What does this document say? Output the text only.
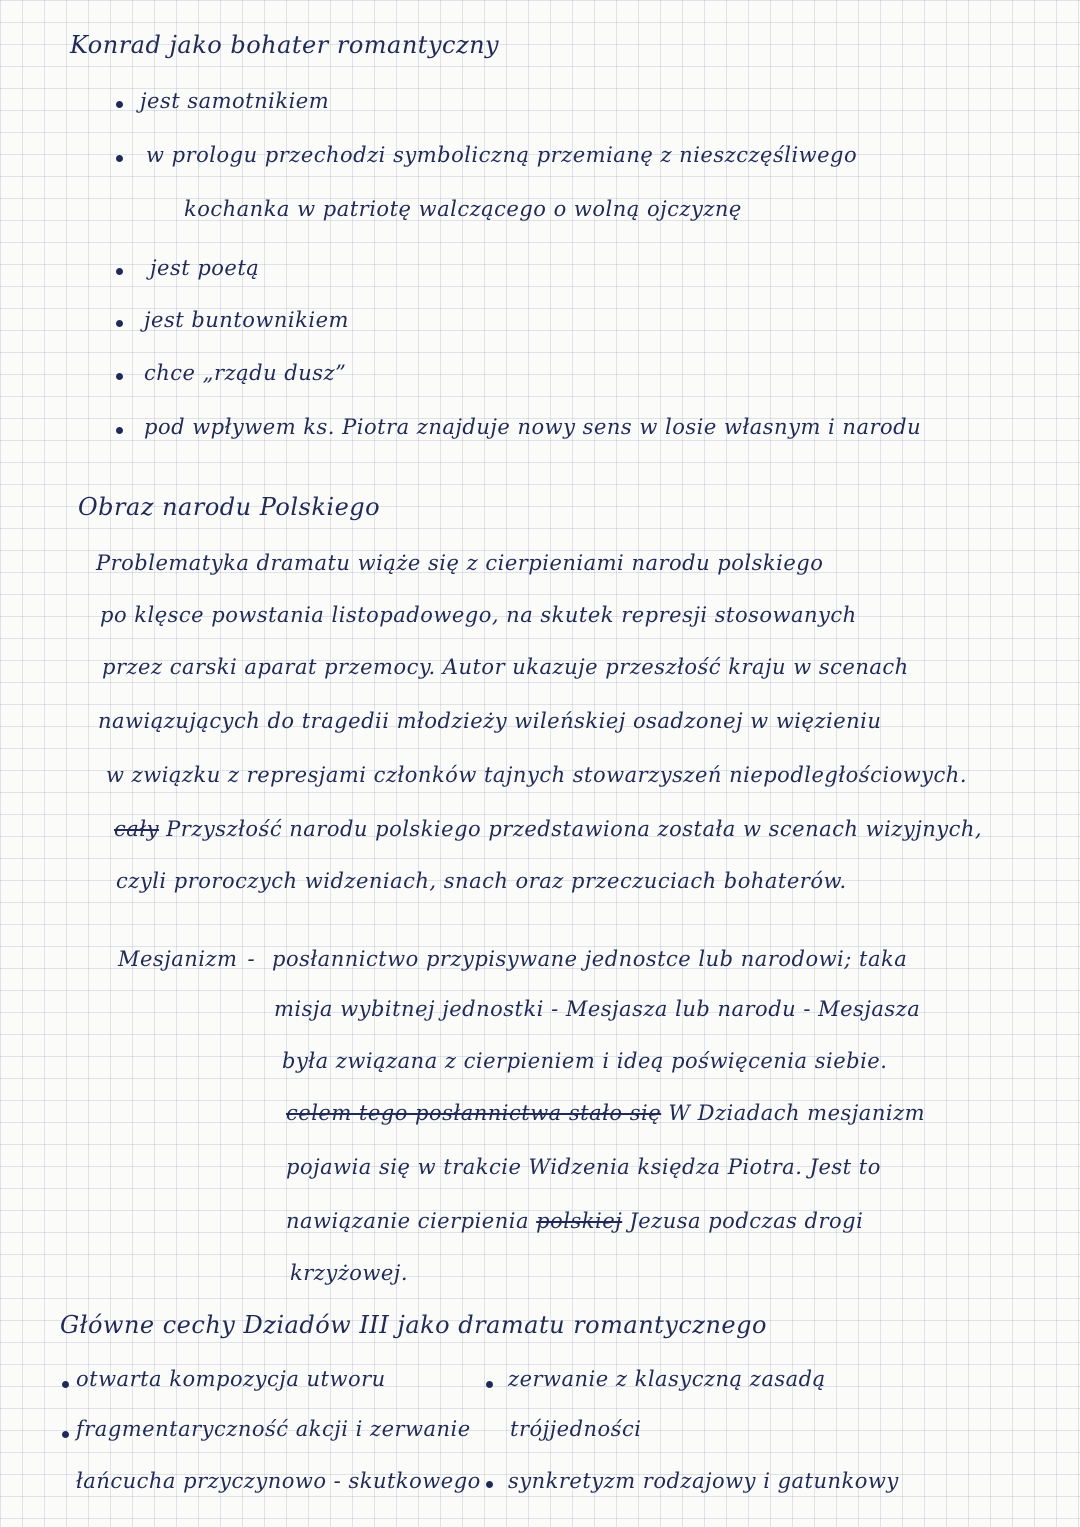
Konrad jako bohater romantyczny
jest samotnikiem
w prologu przechodzi symboliczną przemianę z nieszczęśliwego
kochanka w patriotę walczącego o wolną ojczyznę
jest poetą
jest buntownikiem
chce „rządu dusz”
pod wpływem ks. Piotra znajduje nowy sens w losie własnym i narodu
Obraz narodu Polskiego
Problematyka dramatu wiąże się z cierpieniami narodu polskiego
po klęsce powstania listopadowego, na skutek represji stosowanych
przez carski aparat przemocy. Autor ukazuje przeszłość kraju w scenach
nawiązujących do tragedii młodzieży wileńskiej osadzonej w więzieniu
w związku z represjami członków tajnych stowarzyszeń niepodległościowych.
cały Przyszłość narodu polskiego przedstawiona została w scenach wizyjnych,
czyli proroczych widzeniach, snach oraz przeczuciach bohaterów.
Mesjanizm - posłannictwo przypisywane jednostce lub narodowi; taka
misja wybitnej jednostki - Mesjasza lub narodu - Mesjasza
była związana z cierpieniem i ideą poświęcenia siebie.
celem tego posłannictwa stało się W Dziadach mesjanizm
pojawia się w trakcie Widzenia księdza Piotra. Jest to
nawiązanie cierpienia polskiej Jezusa podczas drogi
krzyżowej.
Główne cechy Dziadów III jako dramatu romantycznego
otwarta kompozycja utworu
fragmentaryczność akcji i zerwanie
łańcucha przyczynowo - skutkowego
zerwanie z klasyczną zasadą
trójjedności
synkretyzm rodzajowy i gatunkowy
